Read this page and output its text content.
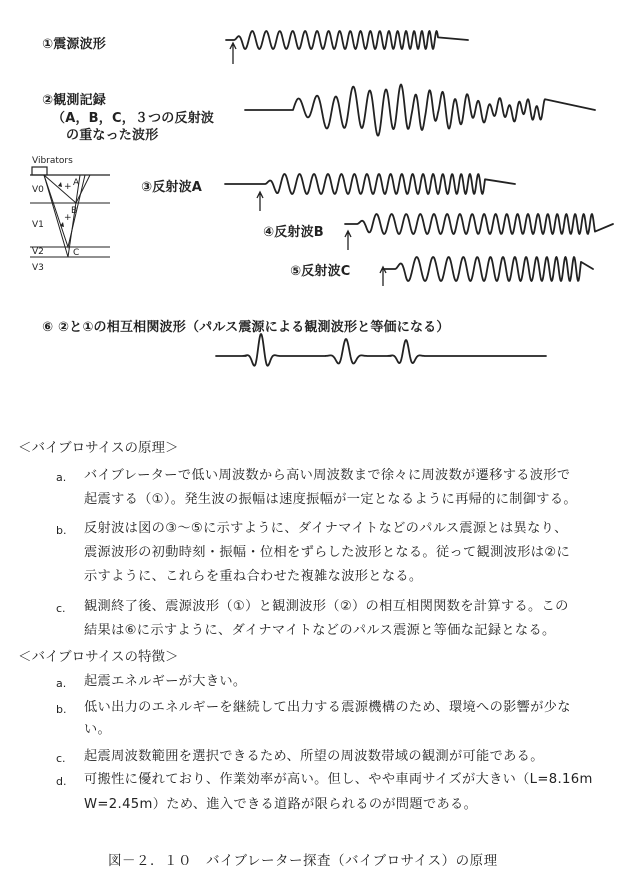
①震源波形
②観測記録
（A，B，C，３つの反射波
の重なった波形
③反射波A
④反射波B
⑤反射波C
⑥ ②と①の相互相関波形（パルス震源による観測波形と等価になる）
Vibrators
V0
V1
V2
V3
A
B
C
+
+
＜バイブロサイスの原理＞
a. バイブレーターで低い周波数から高い周波数まで徐々に周波数が遷移する波形で
起震する（①）。発生波の振幅は速度振幅が一定となるように再帰的に制御する。
b. 反射波は図の③～⑤に示すように、ダイナマイトなどのパルス震源とは異なり、
震源波形の初動時刻・振幅・位相をずらした波形となる。従って観測波形は②に
示すように、これらを重ね合わせた複雑な波形となる。
c. 観測終了後、震源波形（①）と観測波形（②）の相互相関関数を計算する。この
結果は⑥に示すように、ダイナマイトなどのパルス震源と等価な記録となる。
＜バイブロサイスの特徴＞
a. 起震エネルギーが大きい。
b. 低い出力のエネルギーを継続して出力する震源機構のため、環境への影響が少な
い。
c. 起震周波数範囲を選択できるため、所望の周波数帯域の観測が可能である。
d. 可搬性に優れており、作業効率が高い。但し、やや車両サイズが大きい（L=8.16m
W=2.45m）ため、進入できる道路が限られるのが問題である。
図－２．１０　バイブレーター探査（バイブロサイス）の原理
